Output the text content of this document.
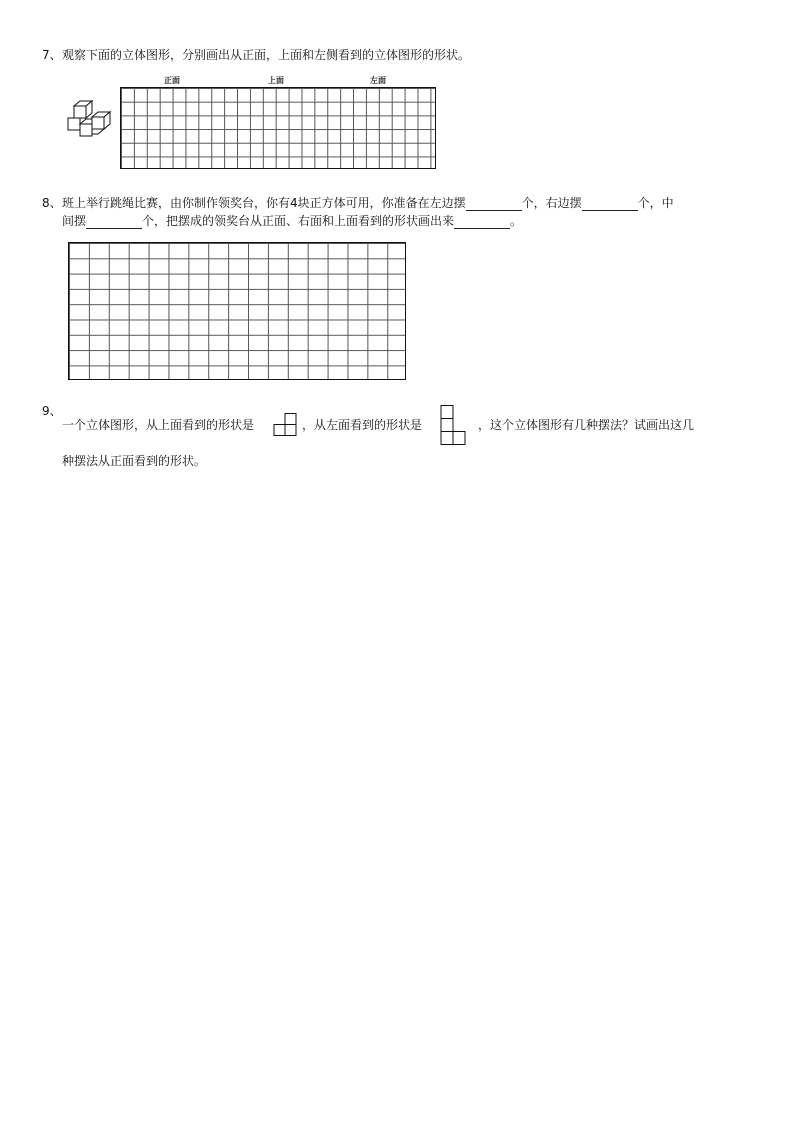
7、 观察下面的立体图形，分别画出从正面，上面和左侧看到的立体图形的形状。
正面	上面	左面
8、 班上举行跳绳比赛，由你制作领奖台，你有4块正方体可用，你准备在左边摆	个，右边摆	个，中
间摆	个，把摆成的领奖台从正面、右面和上面看到的形状画出来	。
9、
一个立体图形，从上面看到的形状是	，从左面看到的形状是	，这个立体图形有几种摆法？试画出这几
种摆法从正面看到的形状。
